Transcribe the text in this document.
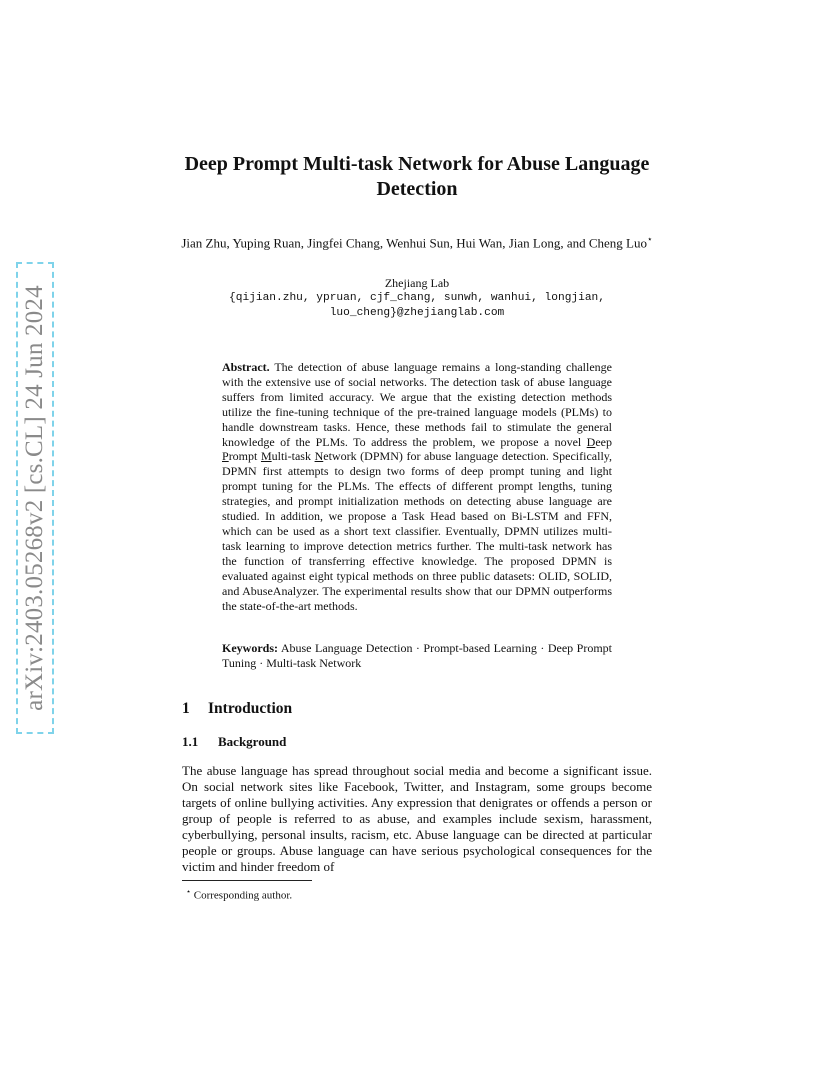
arXiv:2403.05268v2 [cs.CL] 24 Jun 2024
Deep Prompt Multi-task Network for Abuse Language Detection
Jian Zhu, Yuping Ruan, Jingfei Chang, Wenhui Sun, Hui Wan, Jian Long, and Cheng Luo⋆
Zhejiang Lab
{qijian.zhu, ypruan, cjf_chang, sunwh, wanhui, longjian, luo_cheng}@zhejianglab.com
Abstract. The detection of abuse language remains a long-standing challenge with the extensive use of social networks. The detection task of abuse language suffers from limited accuracy. We argue that the existing detection methods utilize the fine-tuning technique of the pre-trained language models (PLMs) to handle downstream tasks. Hence, these methods fail to stimulate the general knowledge of the PLMs. To address the problem, we propose a novel Deep Prompt Multi-task Network (DPMN) for abuse language detection. Specifically, DPMN first attempts to design two forms of deep prompt tuning and light prompt tuning for the PLMs. The effects of different prompt lengths, tuning strategies, and prompt initialization methods on detecting abuse language are studied. In addition, we propose a Task Head based on Bi-LSTM and FFN, which can be used as a short text classifier. Eventually, DPMN utilizes multi-task learning to improve detection metrics further. The multi-task network has the function of transferring effective knowledge. The proposed DPMN is evaluated against eight typical methods on three public datasets: OLID, SOLID, and AbuseAnalyzer. The experimental results show that our DPMN outperforms the state-of-the-art methods.
Keywords: Abuse Language Detection · Prompt-based Learning · Deep Prompt Tuning · Multi-task Network
1 Introduction
1.1 Background

The abuse language has spread throughout social media and become a significant issue. On social network sites like Facebook, Twitter, and Instagram, some groups become targets of online bullying activities. Any expression that denigrates or offends a person or group of people is referred to as abuse, and examples include sexism, harassment, cyberbullying, personal insults, racism, etc. Abuse language can be directed at particular people or groups. Abuse language can have serious psychological consequences for the victim and hinder freedom of

⋆ Corresponding author.
